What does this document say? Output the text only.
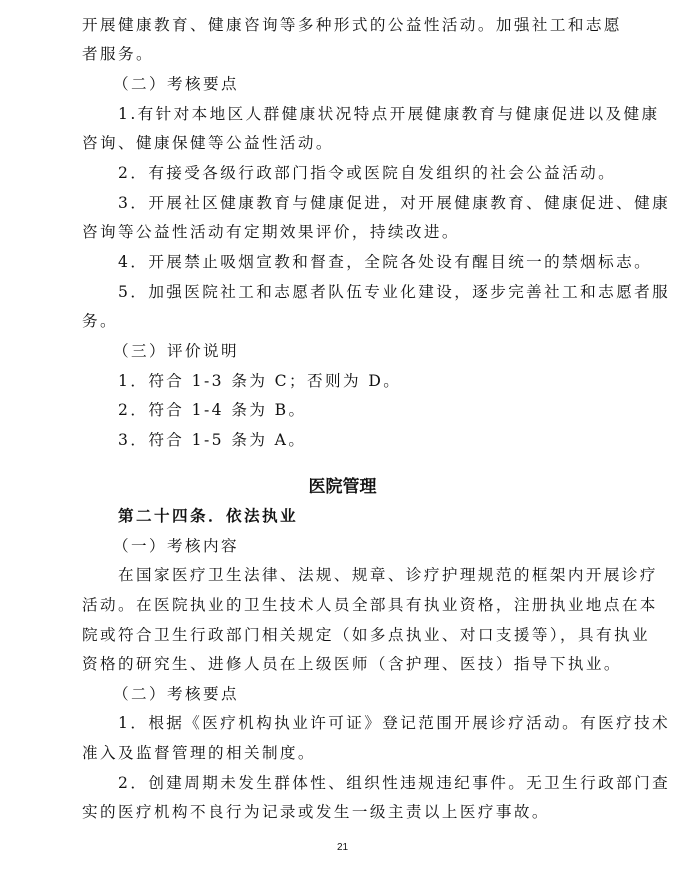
开展健康教育、健康咨询等多种形式的公益性活动。加强社工和志愿
者服务。
（二）考核要点
1.有针对本地区人群健康状况特点开展健康教育与健康促进以及健康
咨询、健康保健等公益性活动。
2．有接受各级行政部门指令或医院自发组织的社会公益活动。
3．开展社区健康教育与健康促进，对开展健康教育、健康促进、健康
咨询等公益性活动有定期效果评价，持续改进。
4．开展禁止吸烟宣教和督查，全院各处设有醒目统一的禁烟标志。
5．加强医院社工和志愿者队伍专业化建设，逐步完善社工和志愿者服
务。
（三）评价说明
1．符合 1-3 条为 C；否则为 D。
2．符合 1-4 条为 B。
3．符合 1-5 条为 A。
医院管理
第二十四条．依法执业
（一）考核内容
在国家医疗卫生法律、法规、规章、诊疗护理规范的框架内开展诊疗
活动。在医院执业的卫生技术人员全部具有执业资格，注册执业地点在本
院或符合卫生行政部门相关规定（如多点执业、对口支援等），具有执业
资格的研究生、进修人员在上级医师（含护理、医技）指导下执业。
（二）考核要点
1．根据《医疗机构执业许可证》登记范围开展诊疗活动。有医疗技术
准入及监督管理的相关制度。
2．创建周期未发生群体性、组织性违规违纪事件。无卫生行政部门查
实的医疗机构不良行为记录或发生一级主责以上医疗事故。
21
